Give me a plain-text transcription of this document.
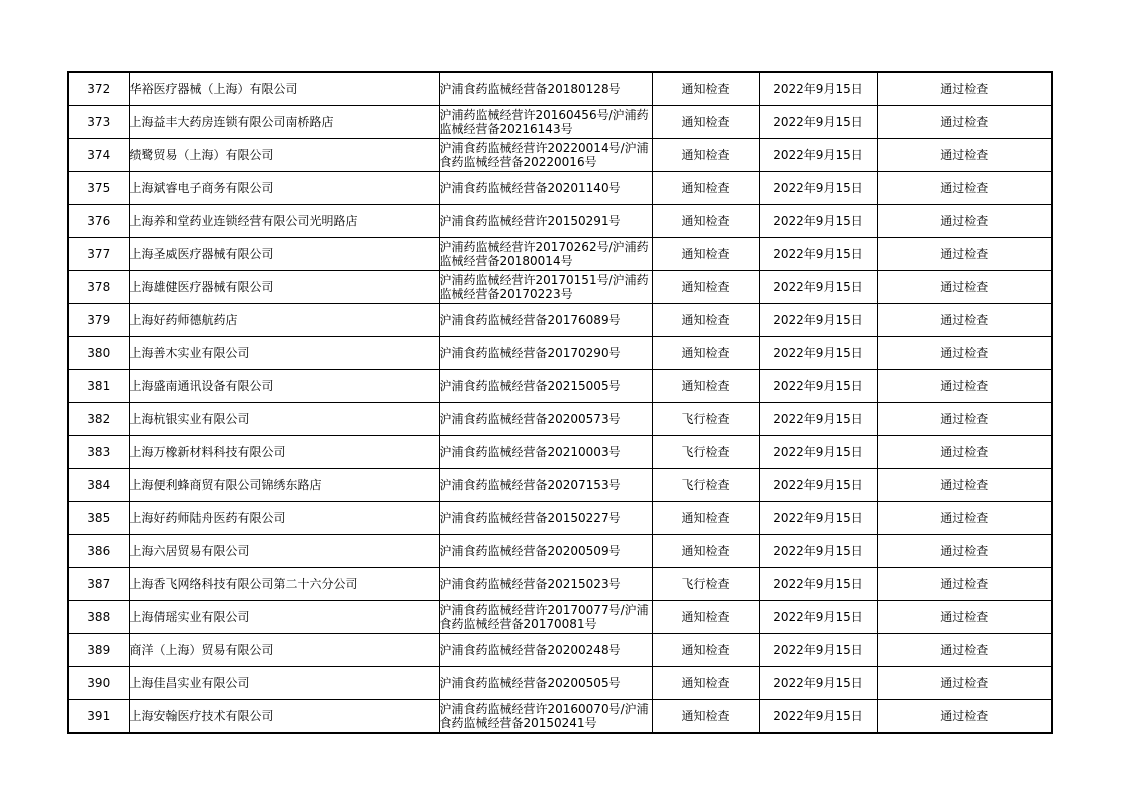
372	华裕医疗器械（上海）有限公司	沪浦食药监械经营备20180128号	通知检查	2022年9月15日	通过检查
373	上海益丰大药房连锁有限公司南桥路店	沪浦药监械经营许20160456号/沪浦药监械经营备20216143号	通知检查	2022年9月15日	通过检查
374	绩鹭贸易（上海）有限公司	沪浦食药监械经营许20220014号/沪浦食药监械经营备20220016号	通知检查	2022年9月15日	通过检查
375	上海斌睿电子商务有限公司	沪浦食药监械经营备20201140号	通知检查	2022年9月15日	通过检查
376	上海养和堂药业连锁经营有限公司光明路店	沪浦食药监械经营许20150291号	通知检查	2022年9月15日	通过检查
377	上海圣威医疗器械有限公司	沪浦药监械经营许20170262号/沪浦药监械经营备20180014号	通知检查	2022年9月15日	通过检查
378	上海雄健医疗器械有限公司	沪浦药监械经营许20170151号/沪浦药监械经营备20170223号	通知检查	2022年9月15日	通过检查
379	上海好药师德航药店	沪浦食药监械经营备20176089号	通知检查	2022年9月15日	通过检查
380	上海善木实业有限公司	沪浦食药监械经营备20170290号	通知检查	2022年9月15日	通过检查
381	上海盛南通讯设备有限公司	沪浦食药监械经营备20215005号	通知检查	2022年9月15日	通过检查
382	上海杭银实业有限公司	沪浦食药监械经营备20200573号	飞行检查	2022年9月15日	通过检查
383	上海万橡新材料科技有限公司	沪浦食药监械经营备20210003号	飞行检查	2022年9月15日	通过检查
384	上海便利蜂商贸有限公司锦绣东路店	沪浦食药监械经营备20207153号	飞行检查	2022年9月15日	通过检查
385	上海好药师陆舟医药有限公司	沪浦食药监械经营备20150227号	通知检查	2022年9月15日	通过检查
386	上海六居贸易有限公司	沪浦食药监械经营备20200509号	通知检查	2022年9月15日	通过检查
387	上海香飞网络科技有限公司第二十六分公司	沪浦食药监械经营备20215023号	飞行检查	2022年9月15日	通过检查
388	上海倩瑶实业有限公司	沪浦食药监械经营许20170077号/沪浦食药监械经营备20170081号	通知检查	2022年9月15日	通过检查
389	商洋（上海）贸易有限公司	沪浦食药监械经营备20200248号	通知检查	2022年9月15日	通过检查
390	上海佳昌实业有限公司	沪浦食药监械经营备20200505号	通知检查	2022年9月15日	通过检查
391	上海安翰医疗技术有限公司	沪浦食药监械经营许20160070号/沪浦食药监械经营备20150241号	通知检查	2022年9月15日	通过检查
